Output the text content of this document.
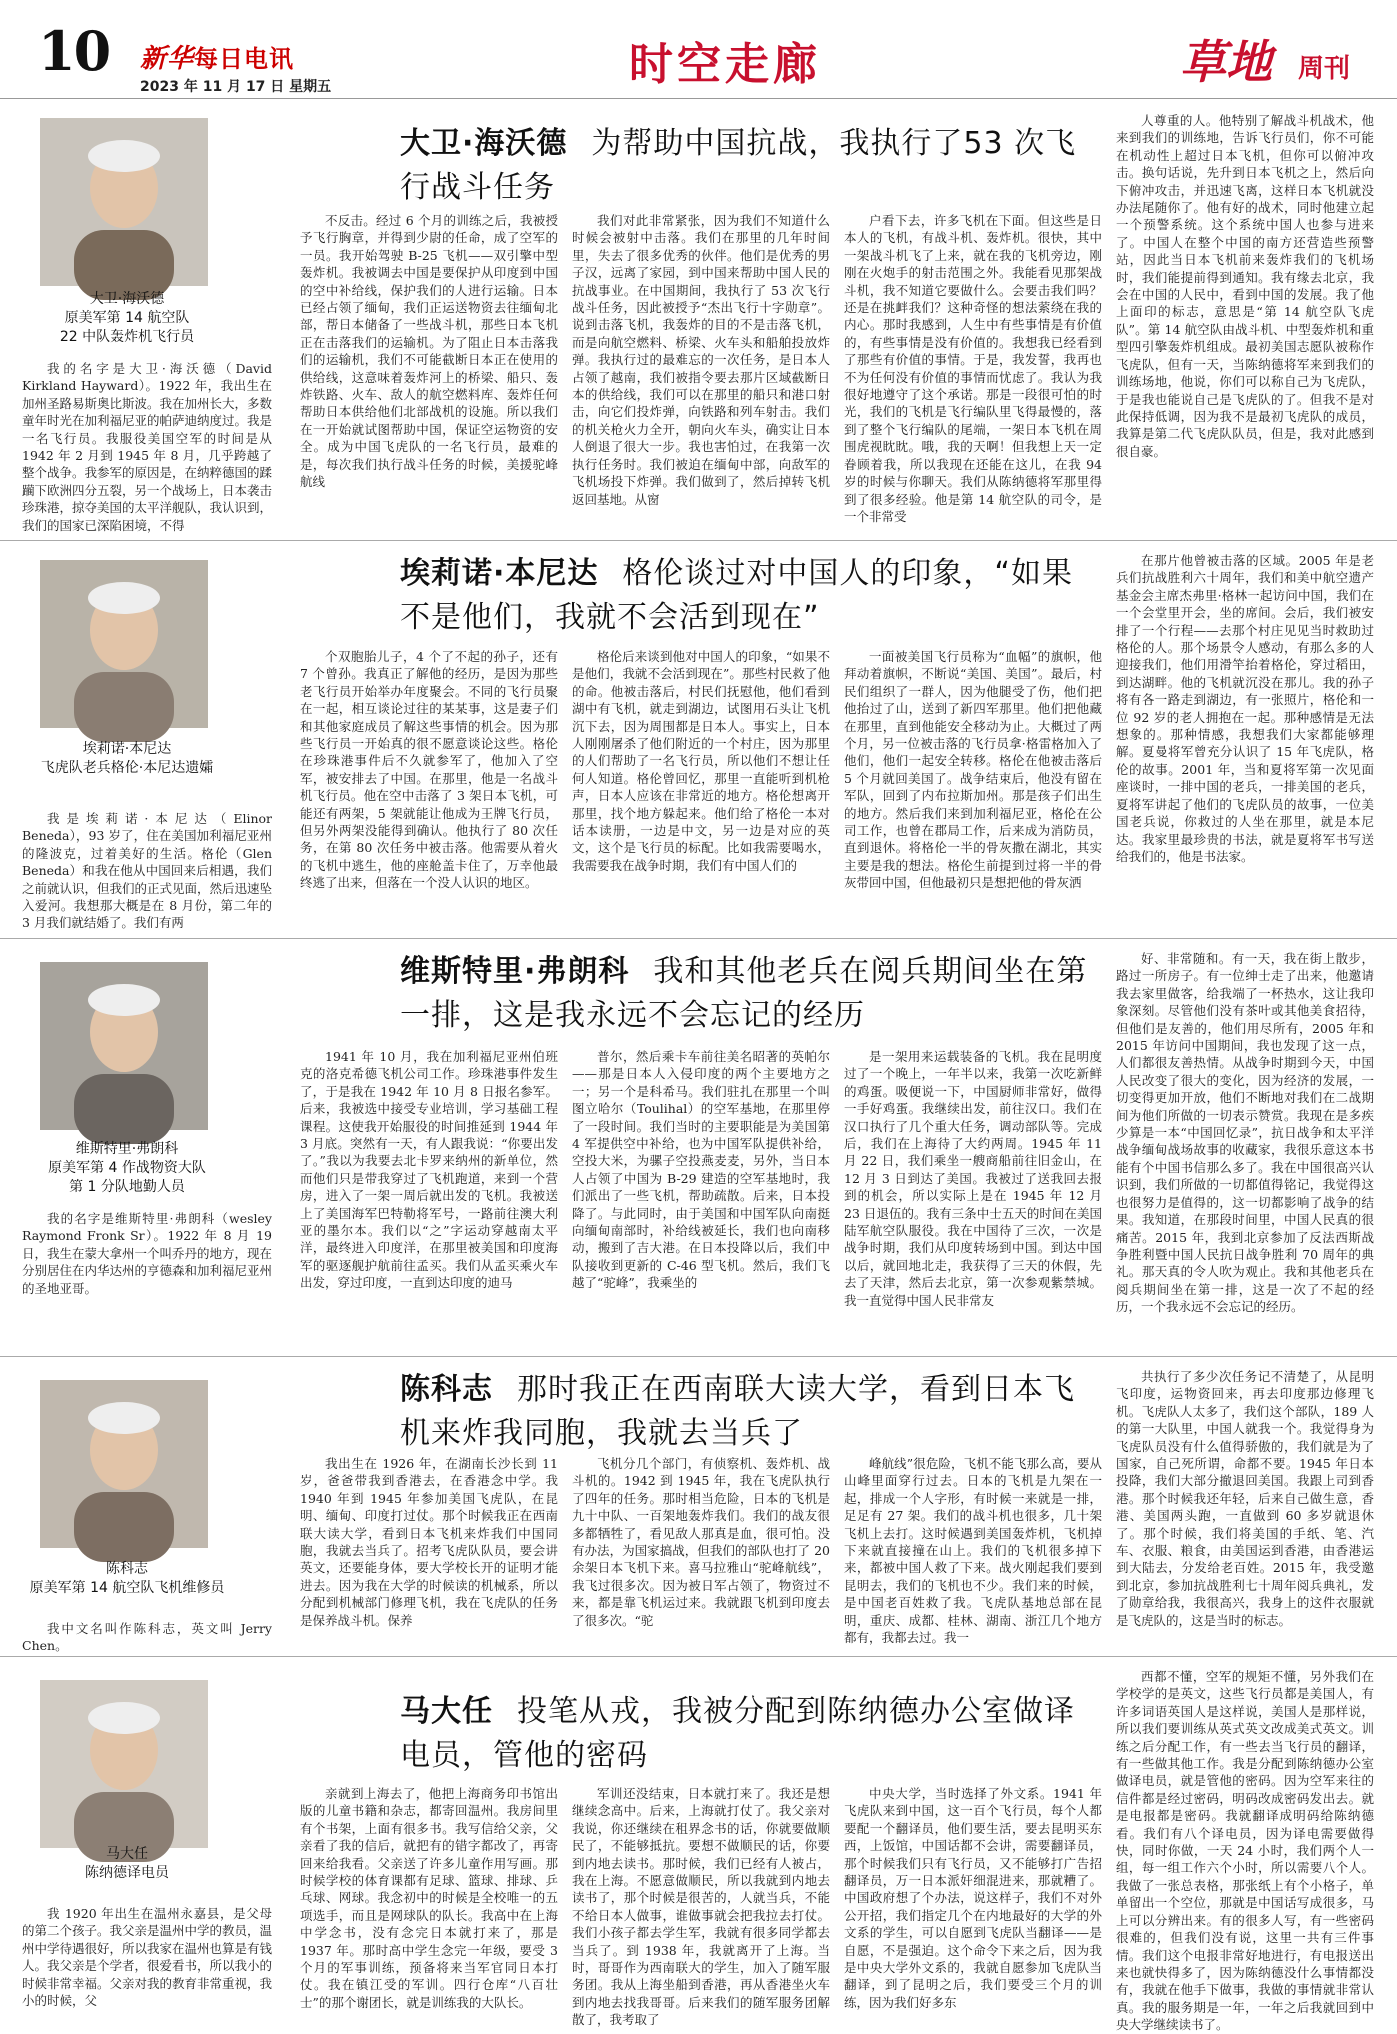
10 新华每日电讯
2023 年 11 月 17 日 星期五	时空走廊	草地 周刊
大卫·海沃德
原美军第 14 航空队
22 中队轰炸机飞行员
大卫·海沃德 为帮助中国抗战，我执行了53 次飞行战斗任务

我的名字是大卫·海沃德（David Kirkland Hayward）。1922 年，我出生在加州圣路易斯奥比斯波。我在加州长大，多数童年时光在加利福尼亚的帕萨迪纳度过。我是一名飞行员。我服役美国空军的时间是从 1942 年 2 月到 1945 年 8 月，几乎跨越了整个战争。我参军的原因是，在纳粹德国的蹂躏下欧洲四分五裂，另一个战场上，日本袭击珍珠港，掠夺美国的太平洋舰队，我认识到，我们的国家已深陷困境，不得

不反击。经过 6 个月的训练之后，我被授予飞行胸章，并得到少尉的任命，成了空军的一员。我开始驾驶 B-25 飞机——双引擎中型轰炸机。我被调去中国是要保护从印度到中国的空中补给线，保护我们的人进行运输。日本已经占领了缅甸，我们正运送物资去往缅甸北部，帮日本储备了一些战斗机，那些日本飞机正在击落我们的运输机。为了阻止日本击落我们的运输机，我们不可能截断日本正在使用的供给线，这意味着轰炸河上的桥梁、船只、轰炸铁路、火车、敌人的航空燃料库、轰炸任何帮助日本供给他们北部战机的设施。所以我们在一开始就试图帮助中国，保证空运物资的安全。成为中国飞虎队的一名飞行员，最难的是，每次我们执行战斗任务的时候，美援驼峰航线

我们对此非常紧张，因为我们不知道什么时候会被射中击落。我们在那里的几年时间里，失去了很多优秀的伙伴。他们是优秀的男子汉，远离了家园，到中国来帮助中国人民的抗战事业。在中国期间，我执行了 53 次飞行战斗任务，因此被授予“杰出飞行十字勋章”。说到击落飞机，我轰炸的目的不是击落飞机，而是向航空燃料、桥梁、火车头和船舶投放炸弹。我执行过的最难忘的一次任务，是日本人占领了越南，我们被指令要去那片区域截断日本的供给线，我们可以在那里的船只和港口射击，向它们投炸弹，向铁路和列车射击。我们的机关枪火力全开，朝向火车头，确实让日本人倒退了很大一步。我也害怕过，在我第一次执行任务时。我们被迫在缅甸中部，向敌军的飞机场投下炸弹。我们做到了，然后掉转飞机返回基地。从窗

户看下去，许多飞机在下面。但这些是日本人的飞机，有战斗机、轰炸机。很快，其中一架战斗机飞了上来，就在我的飞机旁边，刚刚在火炮手的射击范围之外。我能看见那架战斗机，我不知道它要做什么。会要击我们吗？还是在挑衅我们？这种奇怪的想法萦绕在我的内心。那时我感到，人生中有些事情是有价值的，有些事情是没有价值的。我想我已经看到了那些有价值的事情。于是，我发誓，我再也不为任何没有价值的事情而忧虑了。我认为我很好地遵守了这个承诺。那是一段很可怕的时光，我们的飞机是飞行编队里飞得最慢的，落到了整个飞行编队的尾端，一架日本飞机在周围虎视眈眈。哦，我的天啊！但我想上天一定眷顾着我，所以我现在还能在这儿，在我 94 岁的时候与你聊天。我们从陈纳德将军那里得到了很多经验。他是第 14 航空队的司令，是一个非常受

人尊重的人。他特别了解战斗机战术，他来到我们的训练地，告诉飞行员们，你不可能在机动性上超过日本飞机，但你可以俯冲攻击。换句话说，先升到日本飞机之上，然后向下俯冲攻击，并迅速飞离，这样日本飞机就没办法尾随你了。他有好的战术，同时他建立起一个预警系统。这个系统中国人也参与进来了。中国人在整个中国的南方还营造些预警站，因此当日本飞机前来轰炸我们的飞机场时，我们能提前得到通知。我有缘去北京，我会在中国的人民中，看到中国的发展。我了他上面印的标志，意思是“第 14 航空队飞虎队”。第 14 航空队由战斗机、中型轰炸机和重型四引擎轰炸机组成。最初美国志愿队被称作飞虎队，但有一天，当陈纳德将军来到我们的训练场地，他说，你们可以称自己为飞虎队，于是我也能说自己是飞虎队的了。但我不是对此保持低调，因为我不是最初飞虎队的成员，我算是第二代飞虎队队员，但是，我对此感到很自豪。

埃莉诺·本尼达
飞虎队老兵格伦·本尼达遗孀
埃莉诺·本尼达 格伦谈过对中国人的印象，“如果不是他们，我就不会活到现在”

我是埃莉诺·本尼达（Elinor Beneda），93 岁了，住在美国加利福尼亚州的隆波克，过着美好的生活。格伦（Glen Beneda）和我在他从中国回来后相遇，我们之前就认识，但我们的正式见面，然后迅速坠入爱河。我想那大概是在 8 月份，第二年的 3 月我们就结婚了。我们有两

个双胞胎儿子，4 个了不起的孙子，还有 7 个曾孙。我真正了解他的经历，是因为那些老飞行员开始举办年度聚会。不同的飞行员聚在一起，相互谈论过往的某某事，这是妻子们和其他家庭成员了解这些事情的机会。因为那些飞行员一开始真的很不愿意谈论这些。格伦在珍珠港事件后不久就参军了，他加入了空军，被安排去了中国。在那里，他是一名战斗机飞行员。他在空中击落了 3 架日本飞机，可能还有两架，5 架就能让他成为王牌飞行员，但另外两架没能得到确认。他执行了 80 次任务，在第 80 次任务中被击落。他需要从着火的飞机中逃生，他的座舱盖卡住了，万幸他最终逃了出来，但落在一个没人认识的地区。

格伦后来谈到他对中国人的印象，“如果不是他们，我就不会活到现在”。那些村民救了他的命。他被击落后，村民们抚慰他，他们看到湖中有飞机，就走到湖边，试图用石头让飞机沉下去，因为周围都是日本人。事实上，日本人刚刚屠杀了他们附近的一个村庄，因为那里的人们帮助了一名飞行员，所以他们不想让任何人知道。格伦曾回忆，那里一直能听到机枪声，日本人应该在非常近的地方。格伦想离开那里，找个地方躲起来。他们给了格伦一本对话本读册，一边是中文，另一边是对应的英文，这个是飞行员的标配。比如我需要喝水，我需要我在战争时期，我们有中国人们的

一面被美国飞行员称为“血幅”的旗帜，他拜动着旗帜，不断说“美国、美国”。最后，村民们组织了一群人，因为他腿受了伤，他们把他抬过了山，送到了新四军那里。他们把他藏在那里，直到他能安全移动为止。大概过了两个月，另一位被击落的飞行员拿·格雷格加入了他们，他们一起安全转移。格伦在他被击落后 5 个月就回美国了。战争结束后，他没有留在军队，回到了内布拉斯加州。那是孩子们出生的地方。然后我们来到加利福尼亚，格伦在公司工作，也曾在郡局工作，后来成为消防员，直到退休。将格伦一半的骨灰撒在湖北，其实主要是我的想法。格伦生前提到过将一半的骨灰带回中国，但他最初只是想把他的骨灰洒

在那片他曾被击落的区域。2005 年是老兵们抗战胜利六十周年，我们和美中航空遗产基金会主席杰弗里·格林一起访问中国，我们在一个会堂里开会，坐的席间。会后，我们被安排了一个行程——去那个村庄见见当时救助过格伦的人。那个场景令人感动，有那么多的人迎接我们，他们用滑竿抬着格伦，穿过稻田，到达湖畔。他的飞机就沉没在那儿。我的孙子将有各一路走到湖边，有一张照片，格伦和一位 92 岁的老人拥抱在一起。那种感情是无法想象的。那种情感，我想我们大家都能够理解。夏曼将军曾充分认识了 15 年飞虎队，格伦的故事。2001 年，当和夏将军第一次见面座谈时，一排中国的老兵，一排美国的老兵，夏将军讲起了他们的飞虎队员的故事，一位美国老兵说，你救过的人坐在那里，就是本尼达。我家里最珍贵的书法，就是夏将军书写送给我们的，他是书法家。

维斯特里·弗朗科
原美军第 4 作战物资大队
第 1 分队地勤人员
维斯特里·弗朗科 我和其他老兵在阅兵期间坐在第一排，这是我永远不会忘记的经历

我的名字是维斯特里·弗朗科（wesley Raymond Fronk Sr）。1922 年 8 月 19 日，我生在蒙大拿州一个叫乔丹的地方，现在分别居住在内华达州的亨德森和加利福尼亚州的圣地亚哥。

1941 年 10 月，我在加利福尼亚州伯班克的洛克希德飞机公司工作。珍珠港事件发生了，于是我在 1942 年 10 月 8 日报名参军。后来，我被选中接受专业培训，学习基础工程课程。这使我开始服役的时间推延到 1944 年 3 月底。突然有一天，有人跟我说：“你要出发了。”我以为我要去北卡罗来纳州的新单位，然而他们只是带我穿过了飞机跑道，来到一个营房，进入了一架一周后就出发的飞机。我被送上了美国海军巴特勒将军号，一路前往澳大利亚的墨尔本。我们以“之”字运动穿越南太平洋，最终进入印度洋，在那里被美国和印度海军的驱逐舰护航前往孟买。我们从孟买乘火车出发，穿过印度，一直到达印度的迪马

普尔，然后乘卡车前往美名昭著的英帕尔——那是日本人入侵印度的两个主要地方之一；另一个是科希马。我们驻扎在那里一个叫图立哈尔（Toulihal）的空军基地，在那里停了一段时间。我们当时的主要职能是为美国第 4 军提供空中补给，也为中国军队提供补给，空投大米，为骡子空投燕麦麦，另外，当日本人占领了中国为 B-29 建造的空军基地时，我们派出了一些飞机，帮助疏散。后来，日本投降了。与此同时，由于美国和中国军队向南挺向缅甸南部时，补给线被延长，我们也向南移动，搬到了吉大港。在日本投降以后，我们中队接收到更新的 C-46 型飞机。然后，我们飞越了“驼峰”，我乘坐的

是一架用来运载装备的飞机。我在昆明度过了一个晚上，一年半以来，我第一次吃新鲜的鸡蛋。吸便说一下，中国厨师非常好，做得一手好鸡蛋。我继续出发，前往汉口。我们在汉口执行了几个重大任务，调动部队等。完成后，我们在上海待了大约两周。1945 年 11 月 22 日，我们乘坐一艘商船前往旧金山，在 12 月 3 日到达了美国。我被过了送我回去报到的机会，所以实际上是在 1945 年 12 月 23 日退伍的。我有三条中士五天的时间在美国陆军航空队服役。我在中国待了三次，一次是战争时期，我们从印度转场到中国。到达中国以后，就回地北走，我获得了三天的休假，先去了天津，然后去北京，第一次参观紫禁城。我一直觉得中国人民非常友

好、非常随和。有一天，我在街上散步，路过一所房子。有一位绅士走了出来，他邀请我去家里做客，给我端了一杯热水，这让我印象深刻。尽管他们没有茶叶或其他美食招待，但他们是友善的，他们用尽所有，2005 年和 2015 年访问中国期间，我也发现了这一点，人们都很友善热情。从战争时期到今天，中国人民改变了很大的变化，因为经济的发展，一切变得更加开放，他们不断地对我们在二战期间为他们所做的一切表示赞赏。我现在是多疾少算是一本“中国回忆录”，抗日战争和太平洋战争缅甸战场故事的收藏家，我很乐意这本书能有个中国书信那么多了。我在中国很高兴认识到，我们所做的一切都值得铭记，我觉得这也很努力是值得的，这一切都影响了战争的结果。我知道，在那段时间里，中国人民真的很痛苦。2015 年，我到北京参加了反法西斯战争胜利暨中国人民抗日战争胜利 70 周年的典礼。那天真的令人吹为观止。我和其他老兵在阅兵期间坐在第一排，这是一次了不起的经历，一个我永远不会忘记的经历。

陈科志
原美军第 14 航空队飞机维修员
陈科志 那时我正在西南联大读大学，看到日本飞机来炸我同胞，我就去当兵了

我中文名叫作陈科志，英文叫 Jerry Chen。

我出生在 1926 年，在湖南长沙长到 11 岁，爸爸带我到香港去，在香港念中学。我 1940 年到 1945 年参加美国飞虎队，在昆明、缅甸、印度打过仗。那个时候我正在西南联大读大学，看到日本飞机来炸我们中国同胞，我就去当兵了。招考飞虎队队员，要会讲英文，还要能身体，要大学校长开的证明才能进去。因为我在大学的时候读的机械系，所以分配到机械部门修理飞机，我在飞虎队的任务是保养战斗机。保养

飞机分几个部门，有侦察机、轰炸机、战斗机的。1942 到 1945 年，我在飞虎队执行了四年的任务。那时相当危险，日本的飞机是九十中队、一百架地轰炸我们。我们的战友很多都牺牲了，看见敌人那真是血，很可怕。没有办法，为国家搞战，但我们的部队也打了 20 余架日本飞机下来。喜马拉雅山“驼峰航线”，我飞过很多次。因为被日军占领了，物资过不来，都是靠飞机运过来。我就跟飞机到印度去了很多次。“驼

峰航线”很危险，飞机不能飞那么高，要从山峰里面穿行过去。日本的飞机是九架在一起，排成一个人字形，有时候一来就是一排，足足有 27 架。我们的战斗机也很多，几十架飞机上去打。这时候遇到美国轰炸机，飞机掉下来就直接撞在山上。我们的飞机很多掉下来，都被中国人救了下来。战火刚起我们要到昆明去，我们的飞机也不少。我们来的时候，是中国老百姓救了我。飞虎队基地总部在昆明，重庆、成都、桂林、湖南、浙江几个地方都有，我都去过。我一

共执行了多少次任务记不清楚了，从昆明飞印度，运物资回来，再去印度那边修理飞机。飞虎队人太多了，我们这个部队，189 人的第一大队里，中国人就我一个。我觉得身为飞虎队员没有什么值得骄傲的，我们就是为了国家，自己死所谓，命都不要。1945 年日本投降，我们大部分撤退回美国。我跟上司到香港。那个时候我还年轻，后来自己做生意，香港、美国两头跑，一直做到 60 多岁就退休了。那个时候，我们将美国的手纸、笔、汽车、衣服、粮食，由美国运到香港，由香港运到大陆去，分发给老百姓。2015 年，我受邀到北京，参加抗战胜利七十周年阅兵典礼，发了勋章给我，我很高兴，我身上的这件衣服就是飞虎队的，这是当时的标志。

马大任
陈纳德译电员
马大任 投笔从戎，我被分配到陈纳德办公室做译电员，管他的密码

我 1920 年出生在温州永嘉县，是父母的第二个孩子。我父亲是温州中学的教员，温州中学待遇很好，所以我家在温州也算是有钱人。我父亲是个学者，很爱看书，所以我小的时候非常幸福。父亲对我的教育非常重视，我小的时候，父

亲就到上海去了，他把上海商务印书馆出版的儿童书籍和杂志，都寄回温州。我房间里有个书架，上面有很多书。我写信给父亲，父亲看了我的信后，就把有的错字都改了，再寄回来给我看。父亲送了许多儿童作用写画。那时候学校的体育课都有足球、篮球、排球、乒乓球、网球。我念初中的时候是全校唯一的五项选手，而且是网球队的队长。我高中在上海中学念书，没有念完日本就打来了，那是 1937 年。那时高中学生念完一年级，要受 3 个月的军事训练，预备将来当军官同日本打仗。我在镇江受的军训。四行仓库“八百壮士”的那个谢团长，就是训练我的大队长。

军训还没结束，日本就打来了。我还是想继续念高中。后来，上海就打仗了。我父亲对我说，你还继续在租界念书的话，你就要做顺民了，不能够抵抗。要想不做顺民的话，你要到内地去读书。那时候，我们已经有人被占，我在上海。不愿意做顺民，所以我就到内地去读书了，那个时候是很苦的，人就当兵，不能不给日本人做事，谁做事就会把我拉去打仗。我们小孩子都去学生军，我就有很多同学都去当兵了。到 1938 年，我就离开了上海。当时，哥哥作为西南联大的学生，加入了随军服务团。我从上海坐船到香港，再从香港坐火车到内地去找我哥哥。后来我们的随军服务团解散了，我考取了

中央大学，当时选择了外文系。1941 年飞虎队来到中国，这一百个飞行员，每个人都要配一个翻译员，他们要生活，要去昆明买东西，上饭馆，中国话都不会讲，需要翻译员，那个时候我们只有飞行员，又不能够打广告招翻译员，万一日本派奸细混进来，那就糟了。中国政府想了个办法，说这样子，我们不对外公开招，我们指定几个在内地最好的大学的外文系的学生，可以自愿到飞虎队当翻译——是自愿，不是强迫。这个命令下来之后，因为我是中央大学外文系的，我就自愿参加飞虎队当翻译，到了昆明之后，我们要受三个月的训练，因为我们好多东

西都不懂，空军的规矩不懂，另外我们在学校学的是英文，这些飞行员都是美国人，有许多词语英国人是这样说，美国人是那样说，所以我们要训练从英式英文改成美式英文。训练之后分配工作，有一些去当飞行员的翻译，有一些做其他工作。我是分配到陈纳德办公室做译电员，就是管他的密码。因为空军来往的信件都是经过密码，明码改成密码发出去。就是电报都是密码。我就翻译成明码给陈纳德看。我们有八个译电员，因为译电需要做得快，同时你做，一天 24 小时，我们两个人一组，每一组工作六个小时，所以需要八个人。我做了一张总表格，那张纸上有个小格子，单单留出一个空位，那就是中国话写成很多，马上可以分辨出来。有的很多人写，有一些密码很难的，但我们没有说，这里一共有三件事情。我们这个电报非常好地进行，有电报送出来也就快得多了，因为陈纳德没什么事情都没有，我就在他手下做事，我做的事情就非常认真。我的服务期是一年，一年之后我就回到中央大学继续读书了。
